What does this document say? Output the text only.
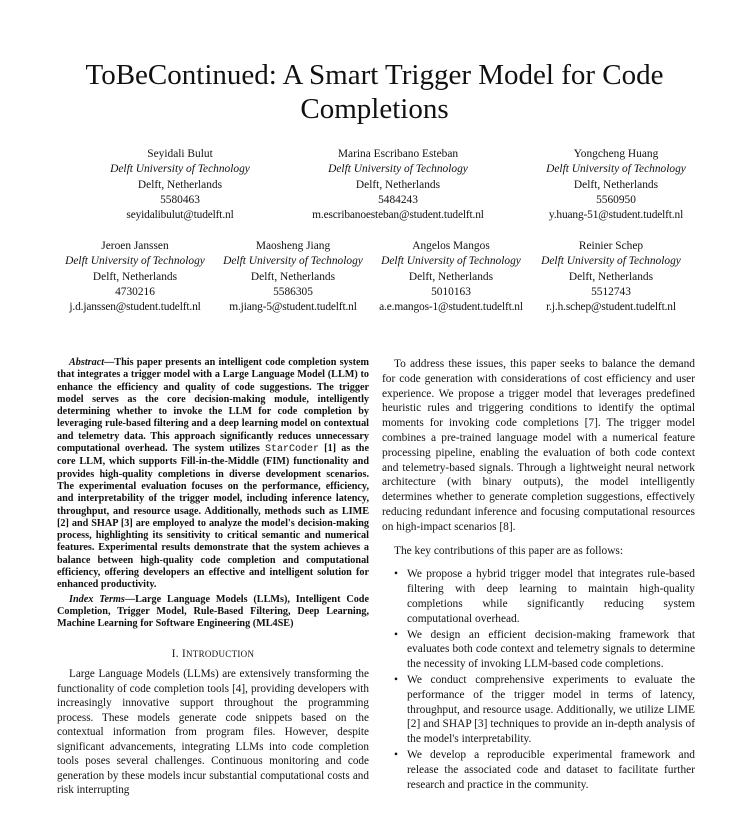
ToBeContinued: A Smart Trigger Model for Code Completions
Seyidali Bulut
Delft University of Technology
Delft, Netherlands
5580463
seyidalibulut@tudelft.nl
Marina Escribano Esteban
Delft University of Technology
Delft, Netherlands
5484243
m.escribanoesteban@student.tudelft.nl
Yongcheng Huang
Delft University of Technology
Delft, Netherlands
5560950
y.huang-51@student.tudelft.nl
Jeroen Janssen
Delft University of Technology
Delft, Netherlands
4730216
j.d.janssen@student.tudelft.nl
Maosheng Jiang
Delft University of Technology
Delft, Netherlands
5586305
m.jiang-5@student.tudelft.nl
Angelos Mangos
Delft University of Technology
Delft, Netherlands
5010163
a.e.mangos-1@student.tudelft.nl
Reinier Schep
Delft University of Technology
Delft, Netherlands
5512743
r.j.h.schep@student.tudelft.nl

Abstract—This paper presents an intelligent code completion system that integrates a trigger model with a Large Language Model (LLM) to enhance the efficiency and quality of code suggestions. The trigger model serves as the core decision-making module, intelligently determining whether to invoke the LLM for code completion by leveraging rule-based filtering and a deep learning model on contextual and telemetry data. This approach significantly reduces unnecessary computational overhead. The system utilizes StarCoder [1] as the core LLM, which supports Fill-in-the-Middle (FIM) functionality and provides high-quality completions in diverse development scenarios. The experimental evaluation focuses on the performance, efficiency, and interpretability of the trigger model, including inference latency, throughput, and resource usage. Additionally, methods such as LIME [2] and SHAP [3] are employed to analyze the model's decision-making process, highlighting its sensitivity to critical semantic and numerical features. Experimental results demonstrate that the system achieves a balance between high-quality code completion and computational efficiency, offering developers an effective and intelligent solution for enhanced productivity.

Index Terms—Large Language Models (LLMs), Intelligent Code Completion, Trigger Model, Rule-Based Filtering, Deep Learning, Machine Learning for Software Engineering (ML4SE)

I. INTRODUCTION

Large Language Models (LLMs) are extensively transforming the functionality of code completion tools [4], providing developers with increasingly innovative support throughout the programming process. These models generate code snippets based on the contextual information from program files. However, despite significant advancements, integrating LLMs into code completion tools poses several challenges. Continuous monitoring and code generation by these models incur substantial computational costs and risk interrupting

To address these issues, this paper seeks to balance the demand for code generation with considerations of cost efficiency and user experience. We propose a trigger model that leverages predefined heuristic rules and triggering conditions to identify the optimal moments for invoking code completions [7]. The trigger model combines a pre-trained language model with a numerical feature processing pipeline, enabling the evaluation of both code context and telemetry-based signals. Through a lightweight neural network architecture (with binary outputs), the model intelligently determines whether to generate completion suggestions, effectively reducing redundant inference and focusing computational resources on high-impact scenarios [8].

The key contributions of this paper are as follows:

• We propose a hybrid trigger model that integrates rule-based filtering with deep learning to maintain high-quality completions while significantly reducing system computational overhead.
• We design an efficient decision-making framework that evaluates both code context and telemetry signals to determine the necessity of invoking LLM-based code completions.
• We conduct comprehensive experiments to evaluate the performance of the trigger model in terms of latency, throughput, and resource usage. Additionally, we utilize LIME [2] and SHAP [3] techniques to provide an in-depth analysis of the model's interpretability.
• We develop a reproducible experimental framework and release the associated code and dataset to facilitate further research and practice in the community.
